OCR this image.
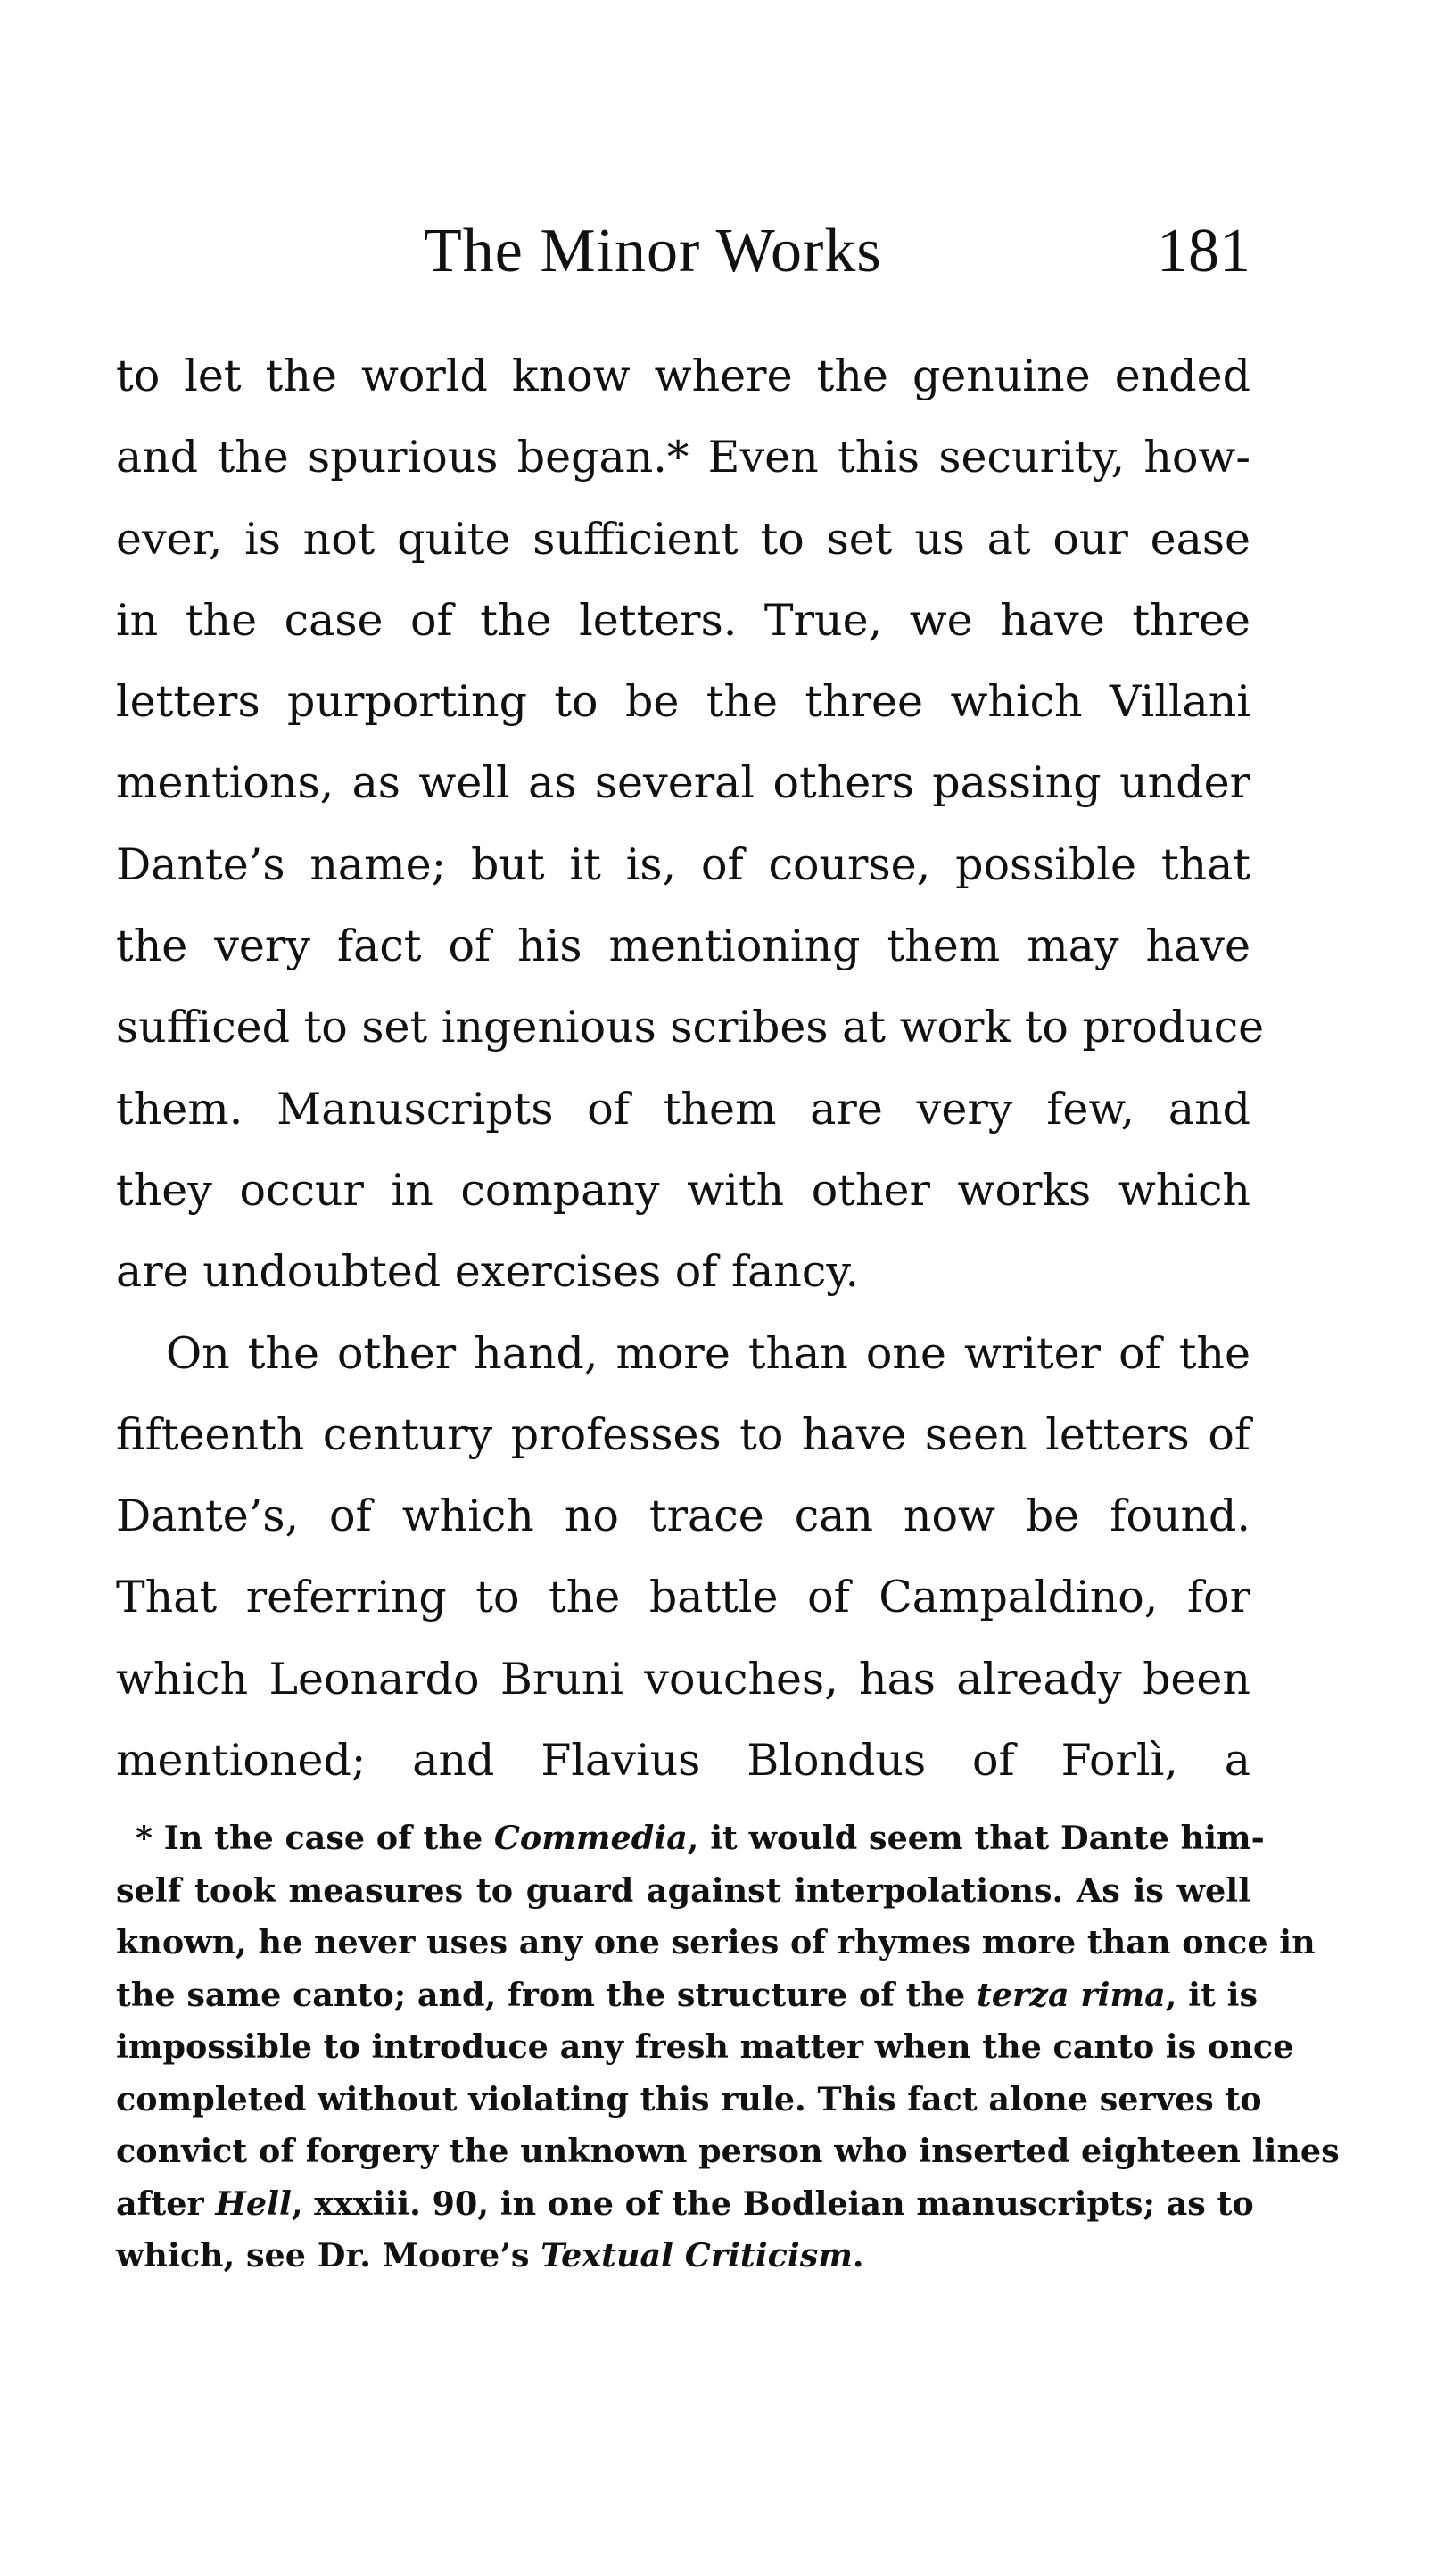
The Minor Works	181
to let the world know where the genuine ended
and the spurious began.* Even this security, how-
ever, is not quite sufficient to set us at our ease
in the case of the letters. True, we have three
letters purporting to be the three which Villani
mentions, as well as several others passing under
Dante’s name; but it is, of course, possible that
the very fact of his mentioning them may have
sufficed to set ingenious scribes at work to produce
them. Manuscripts of them are very few, and
they occur in company with other works which
are undoubted exercises of fancy.
On the other hand, more than one writer of the
fifteenth century professes to have seen letters of
Dante’s, of which no trace can now be found.
That referring to the battle of Campaldino, for
which Leonardo Bruni vouches, has already been
mentioned; and Flavius Blondus of Forlì, a
* In the case of the Commedia, it would seem that Dante him-
self took measures to guard against interpolations. As is well
known, he never uses any one series of rhymes more than once in
the same canto; and, from the structure of the terza rima, it is
impossible to introduce any fresh matter when the canto is once
completed without violating this rule. This fact alone serves to
convict of forgery the unknown person who inserted eighteen lines
after Hell, xxxiii. 90, in one of the Bodleian manuscripts; as to
which, see Dr. Moore’s Textual Criticism.
